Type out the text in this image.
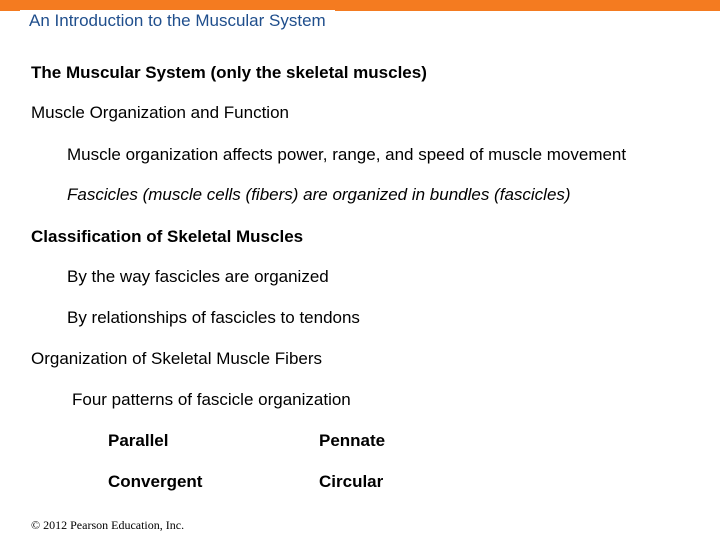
An Introduction to the Muscular System
The Muscular System (only the skeletal muscles)
Muscle Organization and Function
Muscle organization affects power, range, and speed of muscle movement
Fascicles (muscle cells (fibers) are organized in bundles (fascicles)
Classification of Skeletal Muscles
By the way fascicles are organized
By relationships of fascicles to tendons
Organization of Skeletal Muscle Fibers
Four patterns of fascicle organization
Parallel	Pennate
Convergent	Circular
© 2012 Pearson Education, Inc.
